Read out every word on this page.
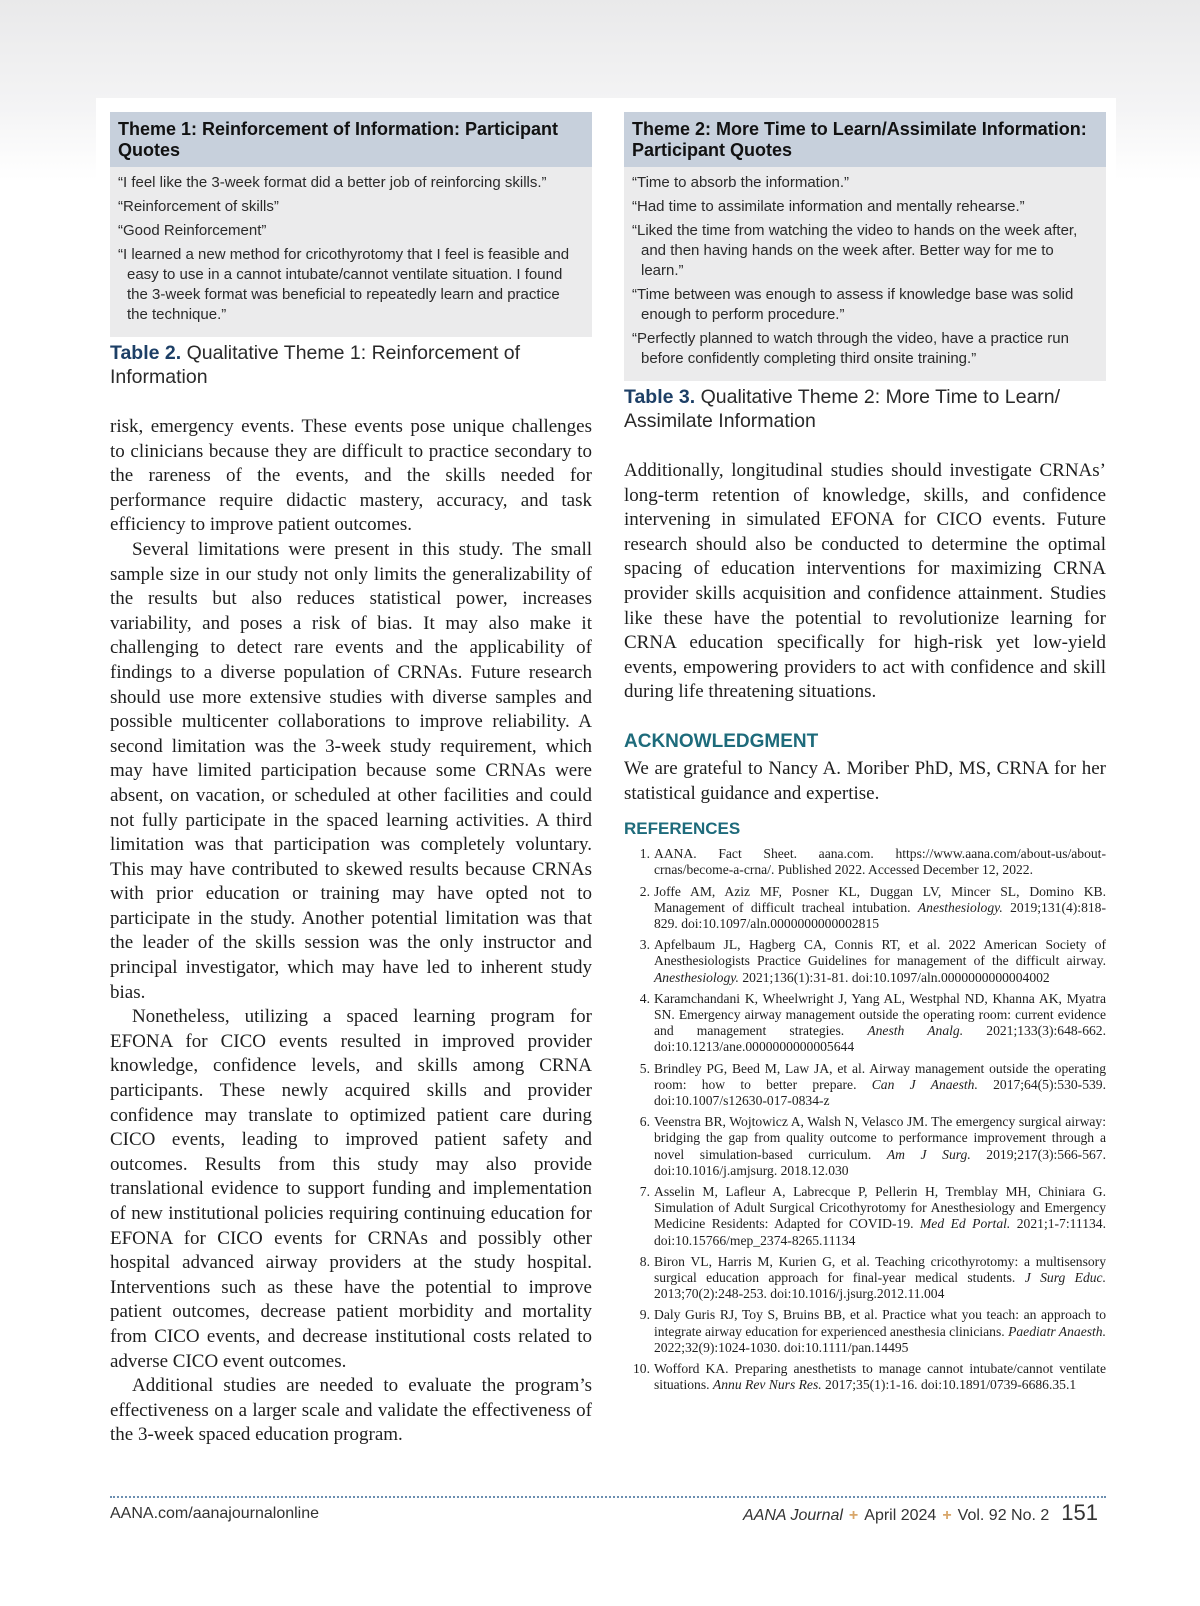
Theme 1: Reinforcement of Information: Participant Quotes

“I feel like the 3-week format did a better job of reinforcing skills.”

“Reinforcement of skills”

“Good Reinforcement”

“I learned a new method for cricothyrotomy that I feel is feasible and easy to use in a cannot intubate/cannot ventilate situation. I found the 3-week format was beneficial to repeatedly learn and practice the technique.”

Table 2. Qualitative Theme 1: Reinforcement of Information

risk, emergency events. These events pose unique challenges to clinicians because they are difficult to practice secondary to the rareness of the events, and the skills needed for performance require didactic mastery, accuracy, and task efficiency to improve patient outcomes.

Several limitations were present in this study. The small sample size in our study not only limits the generalizability of the results but also reduces statistical power, increases variability, and poses a risk of bias. It may also make it challenging to detect rare events and the applicability of findings to a diverse population of CRNAs. Future research should use more extensive studies with diverse samples and possible multicenter collaborations to improve reliability. A second limitation was the 3-week study requirement, which may have limited participation because some CRNAs were absent, on vacation, or scheduled at other facilities and could not fully participate in the spaced learning activities. A third limitation was that participation was completely voluntary. This may have contributed to skewed results because CRNAs with prior education or training may have opted not to participate in the study. Another potential limitation was that the leader of the skills session was the only instructor and principal investigator, which may have led to inherent study bias.

Nonetheless, utilizing a spaced learning program for EFONA for CICO events resulted in improved provider knowledge, confidence levels, and skills among CRNA participants. These newly acquired skills and provider confidence may translate to optimized patient care during CICO events, leading to improved patient safety and outcomes. Results from this study may also provide translational evidence to support funding and implementation of new institutional policies requiring continuing education for EFONA for CICO events for CRNAs and possibly other hospital advanced airway providers at the study hospital. Interventions such as these have the potential to improve patient outcomes, decrease patient morbidity and mortality from CICO events, and decrease institutional costs related to adverse CICO event outcomes.

Additional studies are needed to evaluate the program’s effectiveness on a larger scale and validate the effectiveness of the 3-week spaced education program.

Theme 2: More Time to Learn/Assimilate Information: Participant Quotes

“Time to absorb the information.”

“Had time to assimilate information and mentally rehearse.”

“Liked the time from watching the video to hands on the week after, and then having hands on the week after. Better way for me to learn.”

“Time between was enough to assess if knowledge base was solid enough to perform procedure.”

“Perfectly planned to watch through the video, have a practice run before confidently completing third onsite training.”

Table 3. Qualitative Theme 2: More Time to Learn/ Assimilate Information

Additionally, longitudinal studies should investigate CRNAs’ long-term retention of knowledge, skills, and confidence intervening in simulated EFONA for CICO events. Future research should also be conducted to determine the optimal spacing of education interventions for maximizing CRNA provider skills acquisition and confidence attainment. Studies like these have the potential to revolutionize learning for CRNA education specifically for high-risk yet low-yield events, empowering providers to act with confidence and skill during life threatening situations.

ACKNOWLEDGMENT

We are grateful to Nancy A. Moriber PhD, MS, CRNA for her statistical guidance and expertise.

REFERENCES
1 . AANA. Fact Sheet. aana.com. https://www.aana.com/about-us/about-crnas/become-a-crna/. Published 2022. Accessed December 12, 2022.
2 . Joffe AM, Aziz MF, Posner KL, Duggan LV, Mincer SL, Domino KB. Management of difficult tracheal intubation. Anesthesiology. 2019;131(4):818-829. doi:10.1097/aln.0000000000002815
3 . Apfelbaum JL, Hagberg CA, Connis RT, et al. 2022 American Society of Anesthesiologists Practice Guidelines for management of the difficult airway. Anesthesiology. 2021;136(1):31-81. doi:10.1097/aln.0000000000004002
4 . Karamchandani K, Wheelwright J, Yang AL, Westphal ND, Khanna AK, Myatra SN. Emergency airway management outside the operating room: current evidence and management strategies. Anesth Analg. 2021;133(3):648-662. doi:10.1213/ane.0000000000005644
5 . Brindley PG, Beed M, Law JA, et al. Airway management outside the operating room: how to better prepare. Can J Anaesth. 2017;64(5):530-539. doi:10.1007/s12630-017-0834-z
6 . Veenstra BR, Wojtowicz A, Walsh N, Velasco JM. The emergency surgical airway: bridging the gap from quality outcome to performance improvement through a novel simulation-based curriculum. Am J Surg. 2019;217(3):566-567. doi:10.1016/j.amjsurg. 2018.12.030
7 . Asselin M, Lafleur A, Labrecque P, Pellerin H, Tremblay MH, Chiniara G. Simulation of Adult Surgical Cricothyrotomy for Anesthesiology and Emergency Medicine Residents: Adapted for COVID-19. Med Ed Portal. 2021;1-7:11134. doi:10.15766/mep_2374-8265.11134
8 . Biron VL, Harris M, Kurien G, et al. Teaching cricothyrotomy: a multisensory surgical education approach for final-year medical students. J Surg Educ. 2013;70(2):248-253. doi:10.1016/j.jsurg.2012.11.004
9 . Daly Guris RJ, Toy S, Bruins BB, et al. Practice what you teach: an approach to integrate airway education for experienced anesthesia clinicians. Paediatr Anaesth. 2022;32(9):1024-1030. doi:10.1111/pan.14495
10 . Wofford KA. Preparing anesthetists to manage cannot intubate/cannot ventilate situations. Annu Rev Nurs Res. 2017;35(1):1-16. doi:10.1891/0739-6686.35.1
AANA.com/aanajournalonline	AANA Journal + April 2024 + Vol. 92 No. 2 151
